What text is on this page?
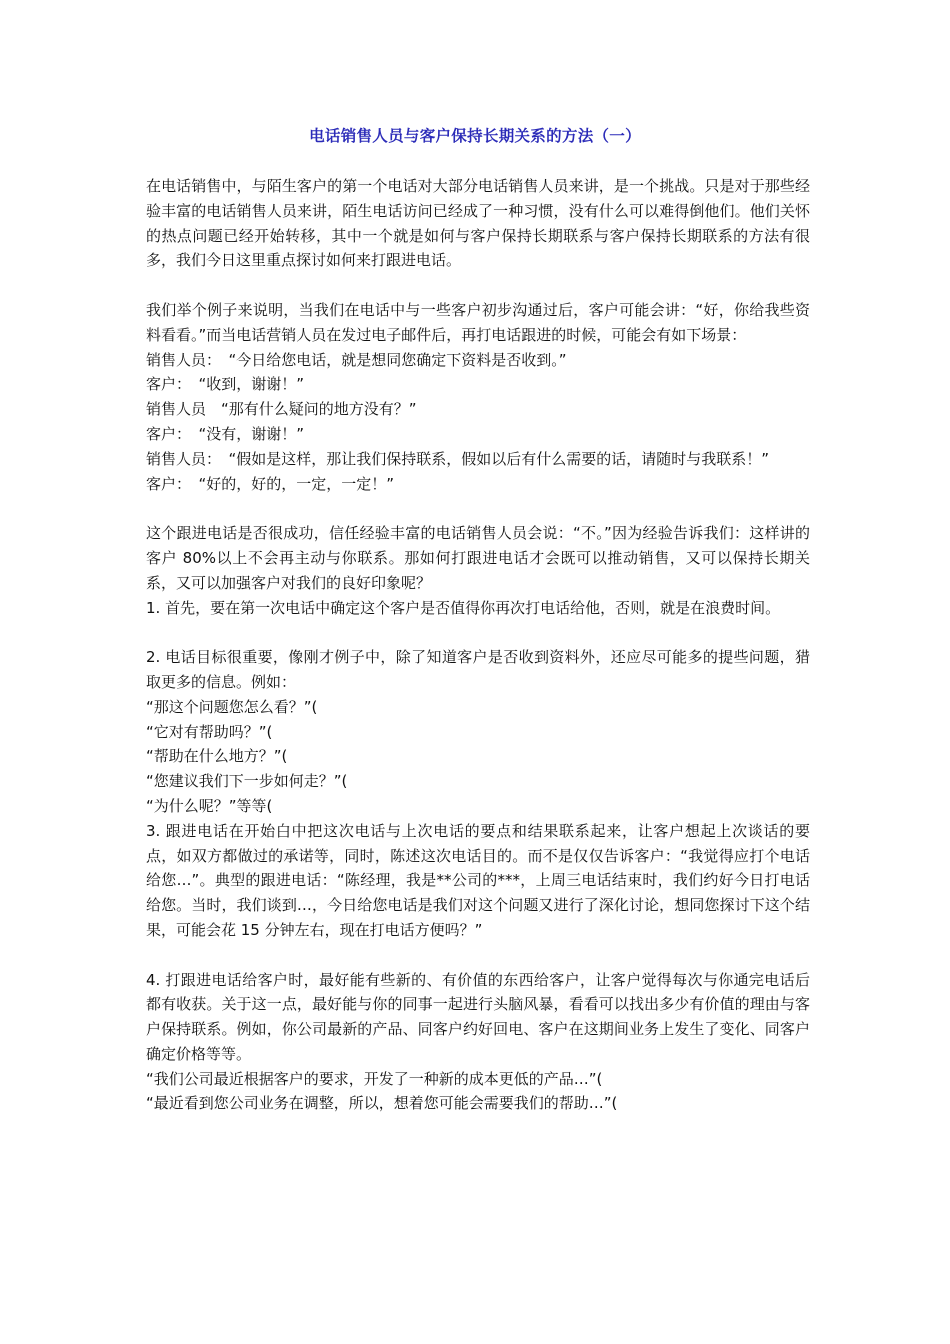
电话销售人员与客户保持长期关系的方法（一）

在电话销售中，与陌生客户的第一个电话对大部分电话销售人员来讲，是一个挑战。只是对于那些经验丰富的电话销售人员来讲，陌生电话访问已经成了一种习惯，没有什么可以难得倒他们。他们关怀的热点问题已经开始转移，其中一个就是如何与客户保持长期联系与客户保持长期联系的方法有很多，我们今日这里重点探讨如何来打跟进电话。

我们举个例子来说明，当我们在电话中与一些客户初步沟通过后，客户可能会讲：“好，你给我些资料看看。”而当电话营销人员在发过电子邮件后，再打电话跟进的时候，可能会有如下场景：

销售人员：　“今日给您电话，就是想同您确定下资料是否收到。”

客户：　“收到，谢谢！”

销售人员　“那有什么疑问的地方没有？”

客户：　“没有，谢谢！”

销售人员：　“假如是这样，那让我们保持联系，假如以后有什么需要的话，请随时与我联系！”

客户：　“好的，好的，一定，一定！”

这个跟进电话是否很成功，信任经验丰富的电话销售人员会说：“不。”因为经验告诉我们：这样讲的客户 80%以上不会再主动与你联系。那如何打跟进电话才会既可以推动销售，又可以保持长期关系，又可以加强客户对我们的良好印象呢？

1. 首先，要在第一次电话中确定这个客户是否值得你再次打电话给他，否则，就是在浪费时间。

2. 电话目标很重要，像刚才例子中，除了知道客户是否收到资料外，还应尽可能多的提些问题，猎取更多的信息。例如：

“那这个问题您怎么看？”(

“它对有帮助吗？”(

“帮助在什么地方？”(

“您建议我们下一步如何走？”(

“为什么呢？”等等(

3. 跟进电话在开始白中把这次电话与上次电话的要点和结果联系起来，让客户想起上次谈话的要点，如双方都做过的承诺等，同时，陈述这次电话目的。而不是仅仅告诉客户：“我觉得应打个电话给您…”。典型的跟进电话：“陈经理，我是**公司的***，上周三电话结束时，我们约好今日打电话给您。当时，我们谈到…，今日给您电话是我们对这个问题又进行了深化讨论，想同您探讨下这个结果，可能会花 15 分钟左右，现在打电话方便吗？”

4. 打跟进电话给客户时，最好能有些新的、有价值的东西给客户，让客户觉得每次与你通完电话后都有收获。关于这一点，最好能与你的同事一起进行头脑风暴，看看可以找出多少有价值的理由与客户保持联系。例如，你公司最新的产品、同客户约好回电、客户在这期间业务上发生了变化、同客户确定价格等等。

“我们公司最近根据客户的要求，开发了一种新的成本更低的产品…”(

“最近看到您公司业务在调整，所以，想着您可能会需要我们的帮助…”(
